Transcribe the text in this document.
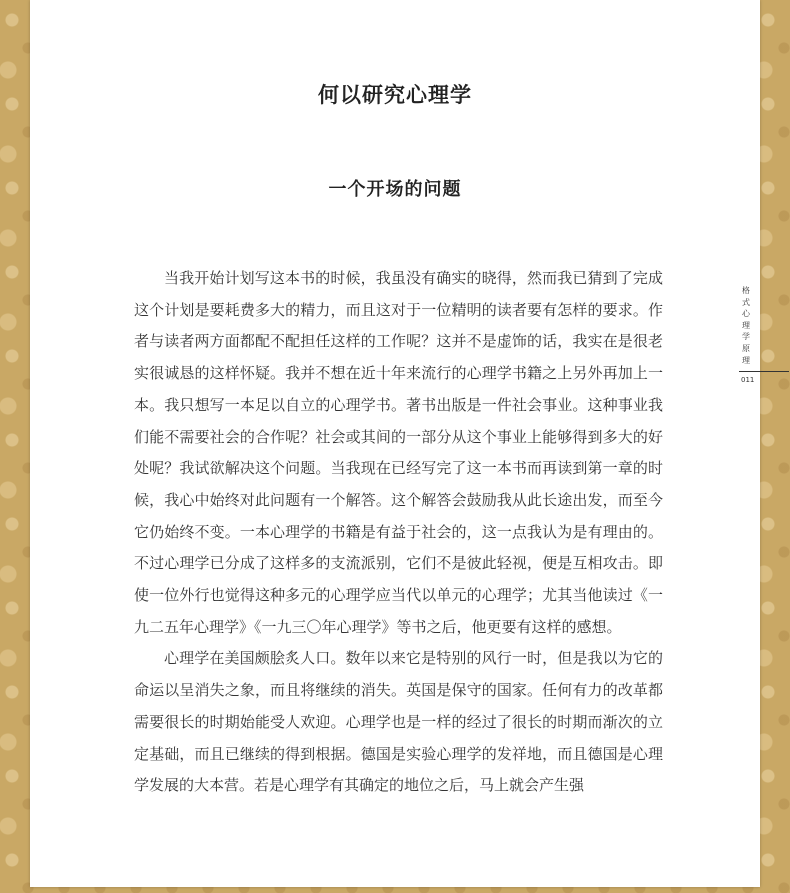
何以研究心理学
一个开场的问题

当我开始计划写这本书的时候，我虽没有确实的晓得，然而我已猜到了完成这个计划是要耗费多大的精力，而且这对于一位精明的读者要有怎样的要求。作者与读者两方面都配不配担任这样的工作呢？这并不是虚饰的话，我实在是很老实很诚恳的这样怀疑。我并不想在近十年来流行的心理学书籍之上另外再加上一本。我只想写一本足以自立的心理学书。著书出版是一件社会事业。这种事业我们能不需要社会的合作呢？社会或其间的一部分从这个事业上能够得到多大的好处呢？我试欲解决这个问题。当我现在已经写完了这一本书而再读到第一章的时候，我心中始终对此问题有一个解答。这个解答会鼓励我从此长途出发，而至今它仍始终不变。一本心理学的书籍是有益于社会的，这一点我认为是有理由的。不过心理学已分成了这样多的支流派别，它们不是彼此轻视，便是互相攻击。即使一位外行也觉得这种多元的心理学应当代以单元的心理学；尤其当他读过《一九二五年心理学》《一九三〇年心理学》等书之后，他更要有这样的感想。

心理学在美国颇脍炙人口。数年以来它是特别的风行一时，但是我以为它的命运以呈消失之象，而且将继续的消失。英国是保守的国家。任何有力的改革都需要很长的时期始能受人欢迎。心理学也是一样的经过了很长的时期而渐次的立定基础，而且已继续的得到根据。德国是实验心理学的发祥地，而且德国是心理学发展的大本营。若是心理学有其确定的地位之后，马上就会产生强

格式心理学原理
011
